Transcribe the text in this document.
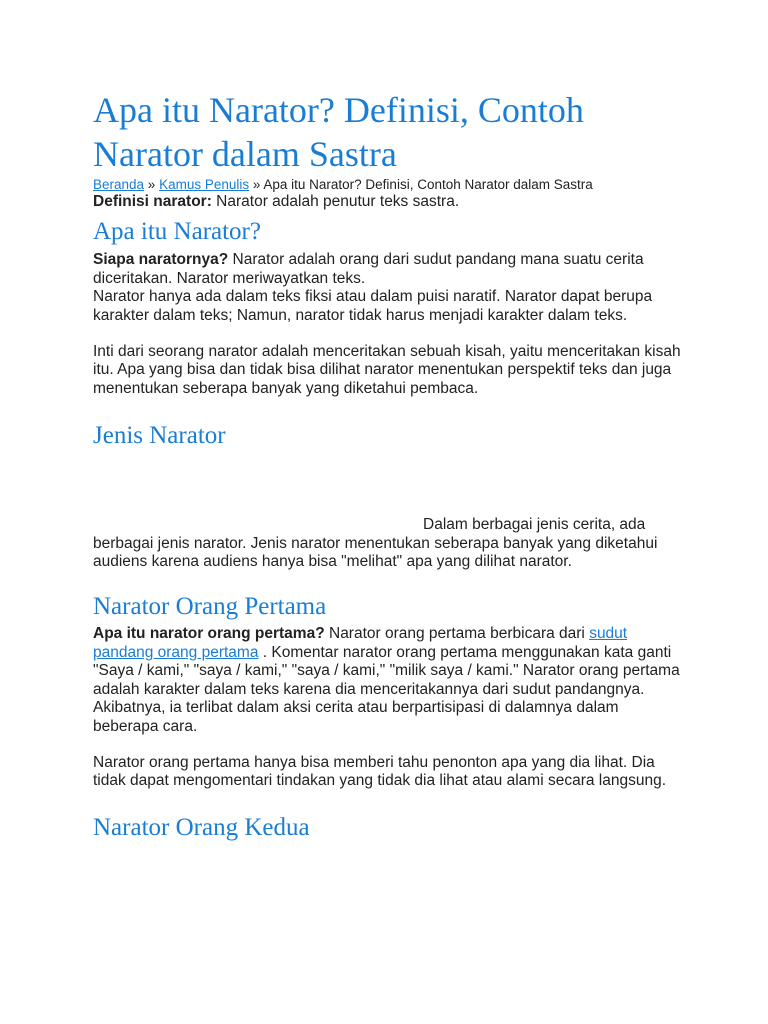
Apa itu Narator? Definisi, Contoh Narator dalam Sastra
Beranda » Kamus Penulis » Apa itu Narator? Definisi, Contoh Narator dalam Sastra

Definisi narator: Narator adalah penutur teks sastra.

Apa itu Narator?

Siapa naratornya? Narator adalah orang dari sudut pandang mana suatu cerita diceritakan. Narator meriwayatkan teks.

Narator hanya ada dalam teks fiksi atau dalam puisi naratif. Narator dapat berupa karakter dalam teks; Namun, narator tidak harus menjadi karakter dalam teks.

Inti dari seorang narator adalah menceritakan sebuah kisah, yaitu menceritakan kisah itu. Apa yang bisa dan tidak bisa dilihat narator menentukan perspektif teks dan juga menentukan seberapa banyak yang diketahui pembaca.

Jenis Narator

Dalam berbagai jenis cerita, ada berbagai jenis narator. Jenis narator menentukan seberapa banyak yang diketahui audiens karena audiens hanya bisa "melihat" apa yang dilihat narator.

Narator Orang Pertama

Apa itu narator orang pertama? Narator orang pertama berbicara dari sudut pandang orang pertama . Komentar narator orang pertama menggunakan kata ganti "Saya / kami," "saya / kami," "saya / kami," "milik saya / kami." Narator orang pertama adalah karakter dalam teks karena dia menceritakannya dari sudut pandangnya. Akibatnya, ia terlibat dalam aksi cerita atau berpartisipasi di dalamnya dalam beberapa cara.

Narator orang pertama hanya bisa memberi tahu penonton apa yang dia lihat. Dia tidak dapat mengomentari tindakan yang tidak dia lihat atau alami secara langsung.

Narator Orang Kedua
